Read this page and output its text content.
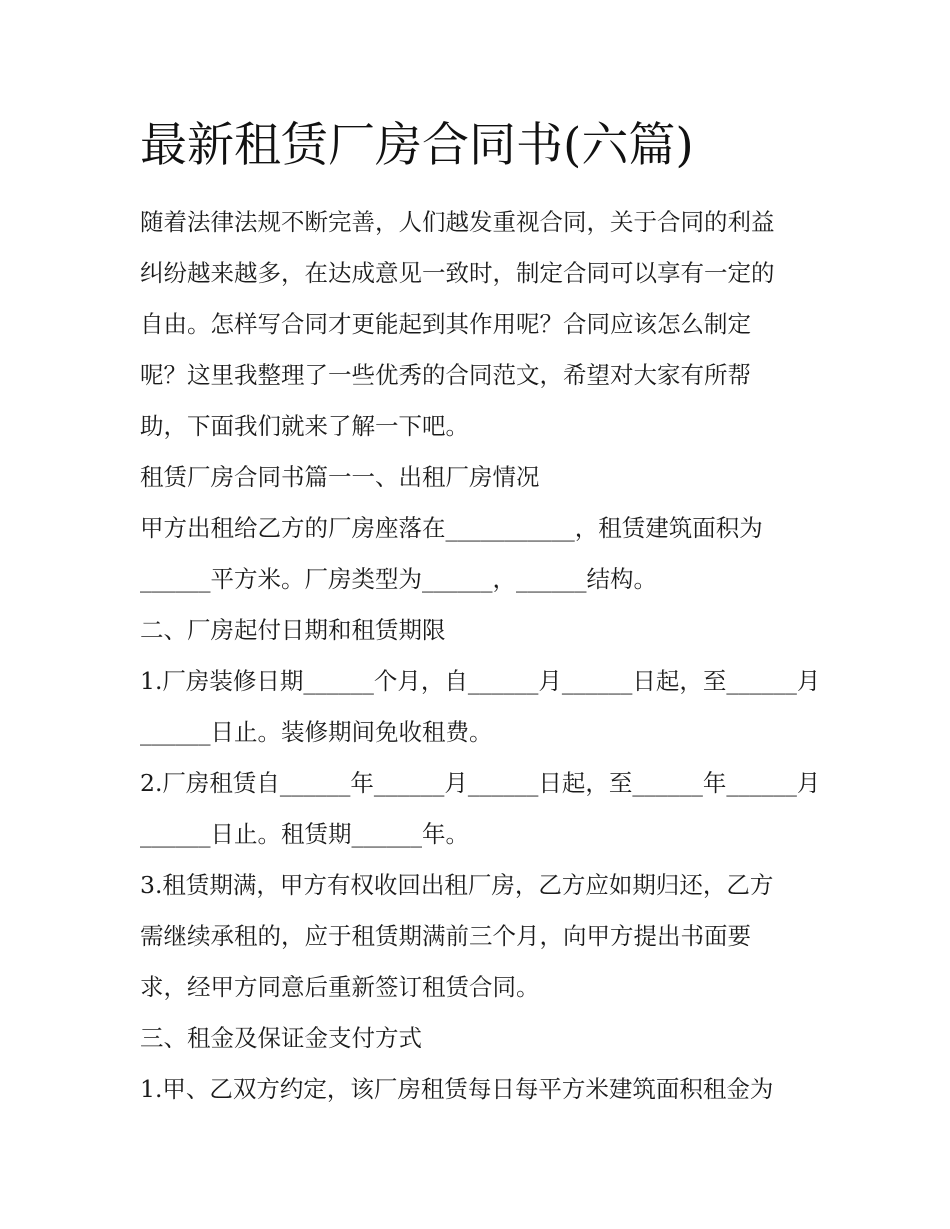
最新租赁厂房合同书(六篇)
随着法律法规不断完善，人们越发重视合同，关于合同的利益
纠纷越来越多，在达成意见一致时，制定合同可以享有一定的
自由。怎样写合同才更能起到其作用呢？合同应该怎么制定
呢？这里我整理了一些优秀的合同范文，希望对大家有所帮
助，下面我们就来了解一下吧。
租赁厂房合同书篇一一、出租厂房情况
甲方出租给乙方的厂房座落在___________，租赁建筑面积为
______平方米。厂房类型为______，______结构。
二、厂房起付日期和租赁期限
1.厂房装修日期______个月，自______月______日起，至______月
______日止。装修期间免收租费。
2.厂房租赁自______年______月______日起，至______年______月
______日止。租赁期______年。
3.租赁期满，甲方有权收回出租厂房，乙方应如期归还，乙方
需继续承租的，应于租赁期满前三个月，向甲方提出书面要
求，经甲方同意后重新签订租赁合同。
三、租金及保证金支付方式
1.甲、乙双方约定，该厂房租赁每日每平方米建筑面积租金为
